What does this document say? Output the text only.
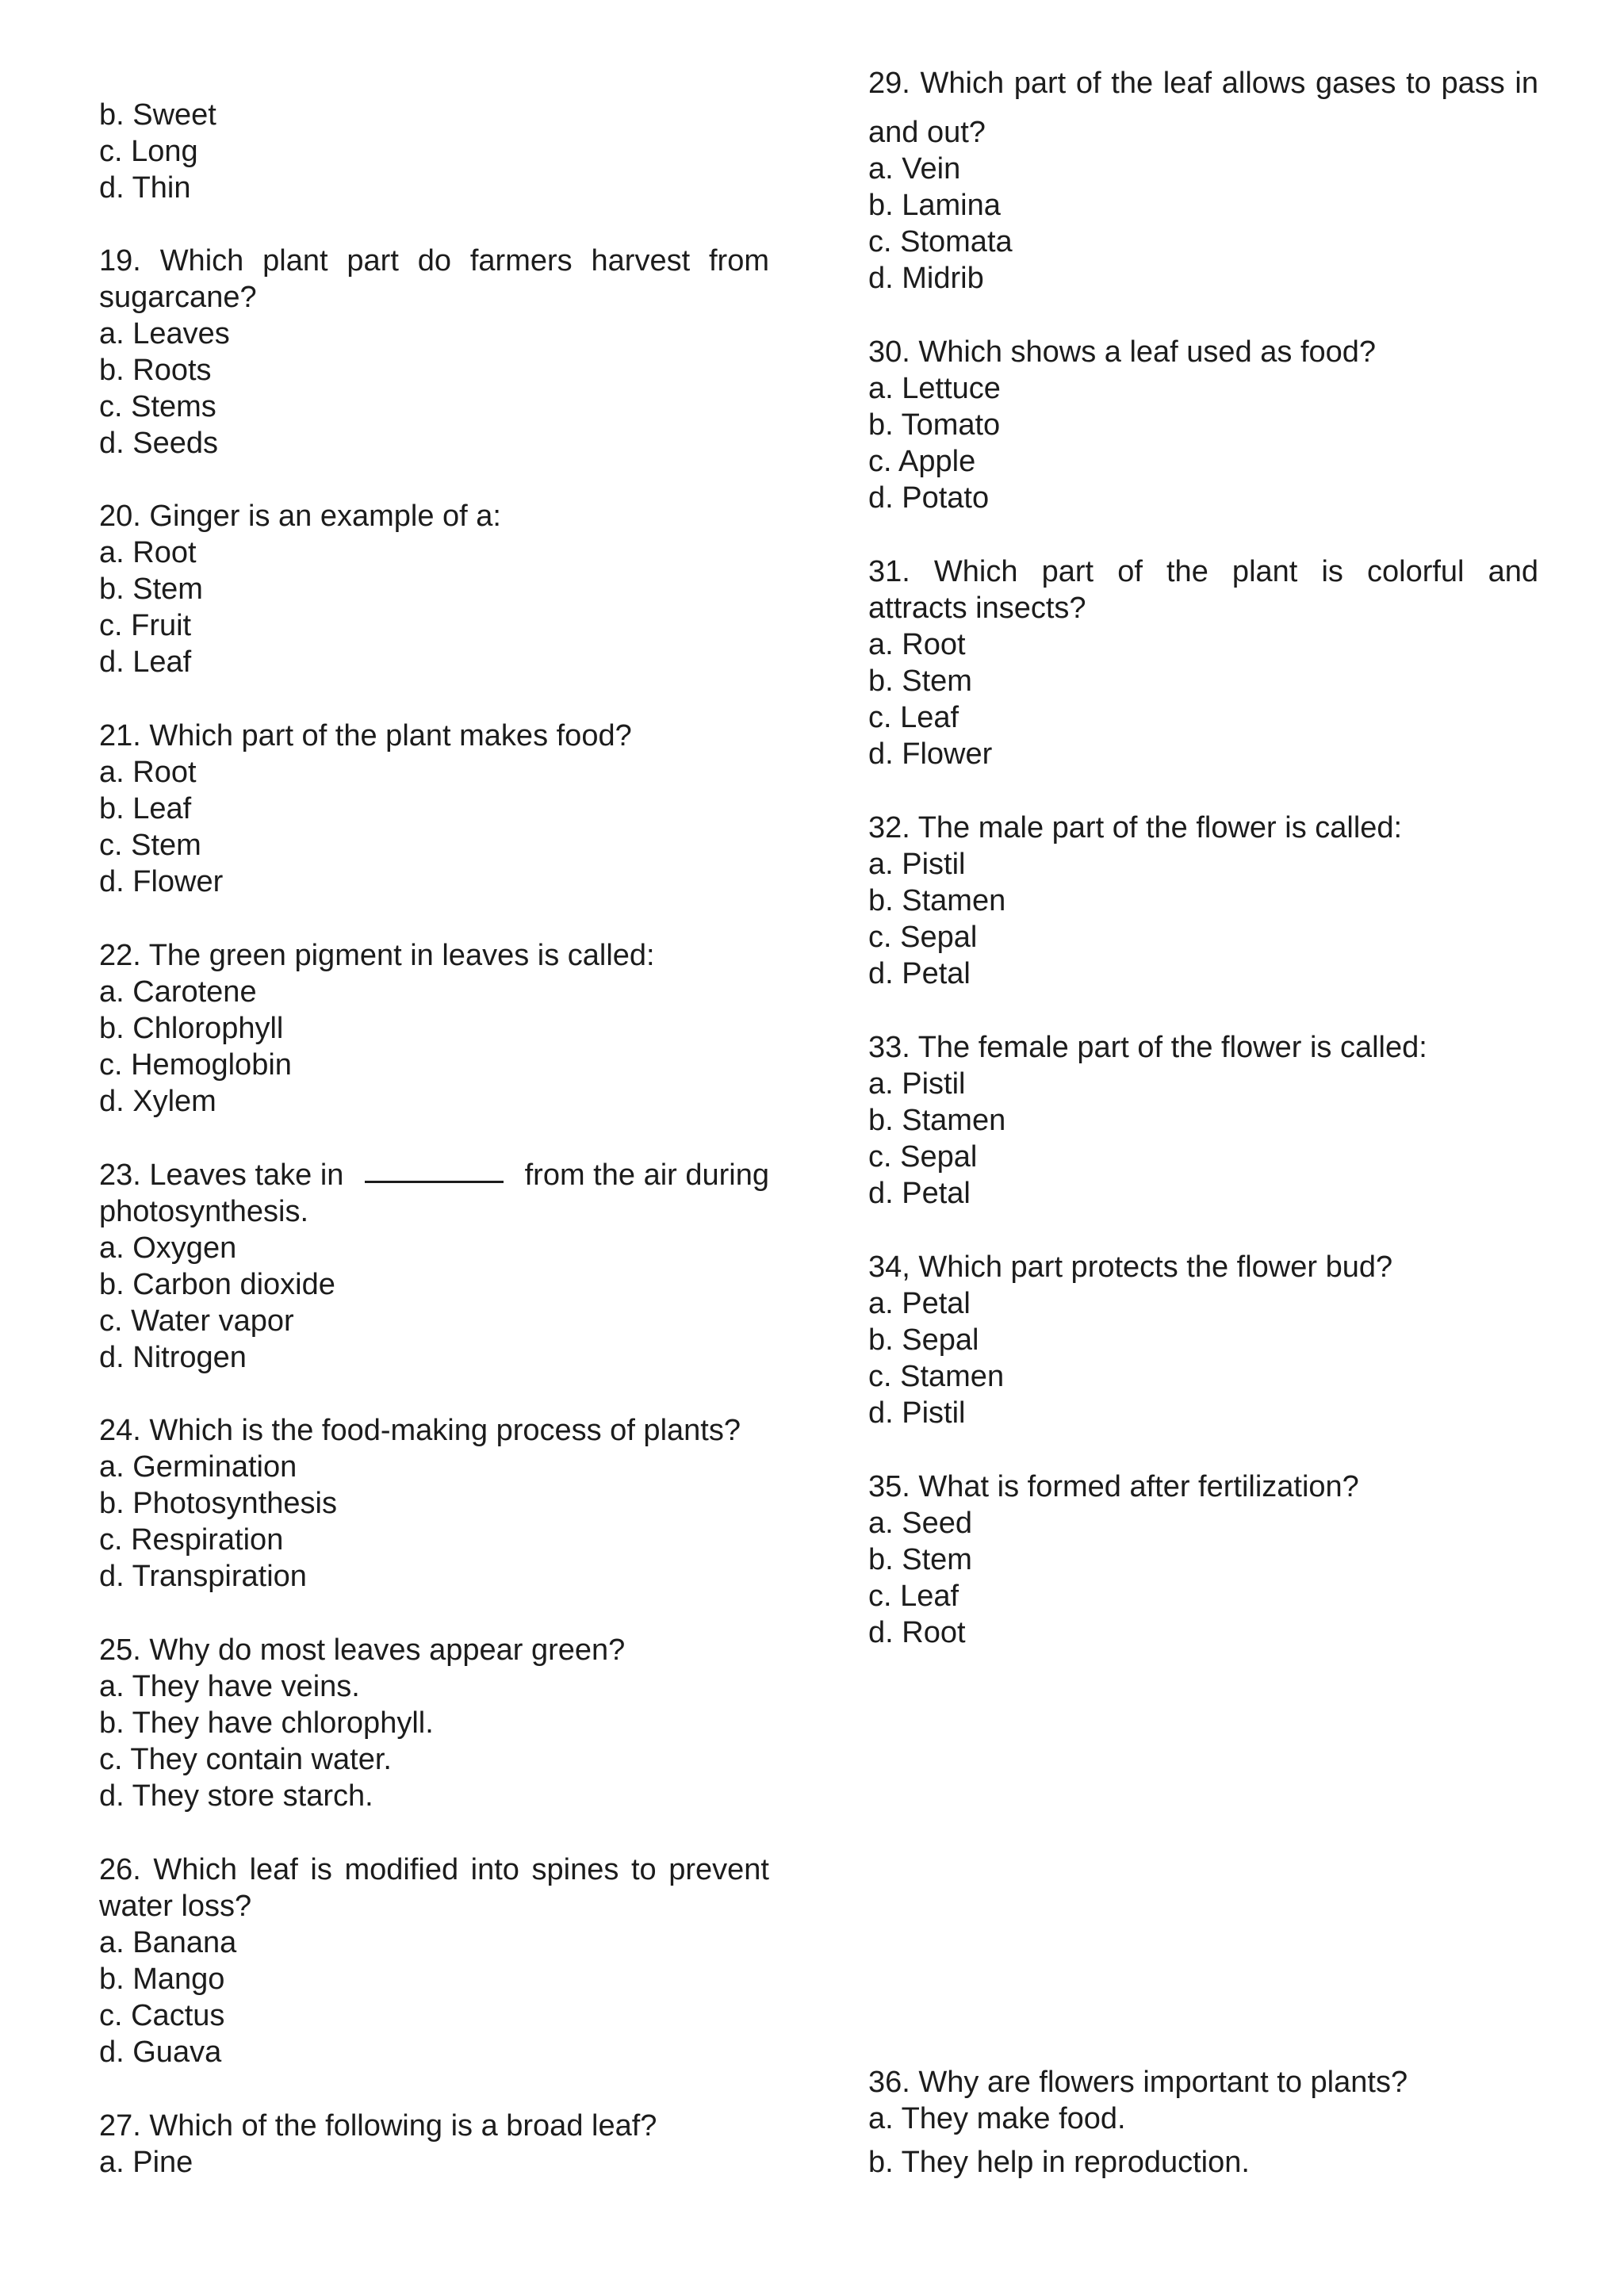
b. Sweet
c. Long
d. Thin
19. Which plant part do farmers harvest from
sugarcane?
a. Leaves
b. Roots
c. Stems
d. Seeds
20. Ginger is an example of a:
a. Root
b. Stem
c. Fruit
d. Leaf
21. Which part of the plant makes food?
a. Root
b. Leaf
c. Stem
d. Flower
22. The green pigment in leaves is called:
a. Carotene
b. Chlorophyll
c. Hemoglobin
d. Xylem
23. Leaves take in	from the air during
photosynthesis.
a. Oxygen
b. Carbon dioxide
c. Water vapor
d. Nitrogen
24. Which is the food-making process of plants?
a. Germination
b. Photosynthesis
c. Respiration
d. Transpiration
25. Why do most leaves appear green?
a. They have veins.
b. They have chlorophyll.
c. They contain water.
d. They store starch.
26. Which leaf is modified into spines to prevent
water loss?
a. Banana
b. Mango
c. Cactus
d. Guava
27. Which of the following is a broad leaf?
a. Pine
29. Which part of the leaf allows gases to pass in
and out?
a. Vein
b. Lamina
c. Stomata
d. Midrib
30. Which shows a leaf used as food?
a. Lettuce
b. Tomato
c. Apple
d. Potato
31. Which part of the plant is colorful and
attracts insects?
a. Root
b. Stem
c. Leaf
d. Flower
32. The male part of the flower is called:
a. Pistil
b. Stamen
c. Sepal
d. Petal
33. The female part of the flower is called:
a. Pistil
b. Stamen
c. Sepal
d. Petal
34, Which part protects the flower bud?
a. Petal
b. Sepal
c. Stamen
d. Pistil
35. What is formed after fertilization?
a. Seed
b. Stem
c. Leaf
d. Root
36. Why are flowers important to plants?
a. They make food.
b. They help in reproduction.
